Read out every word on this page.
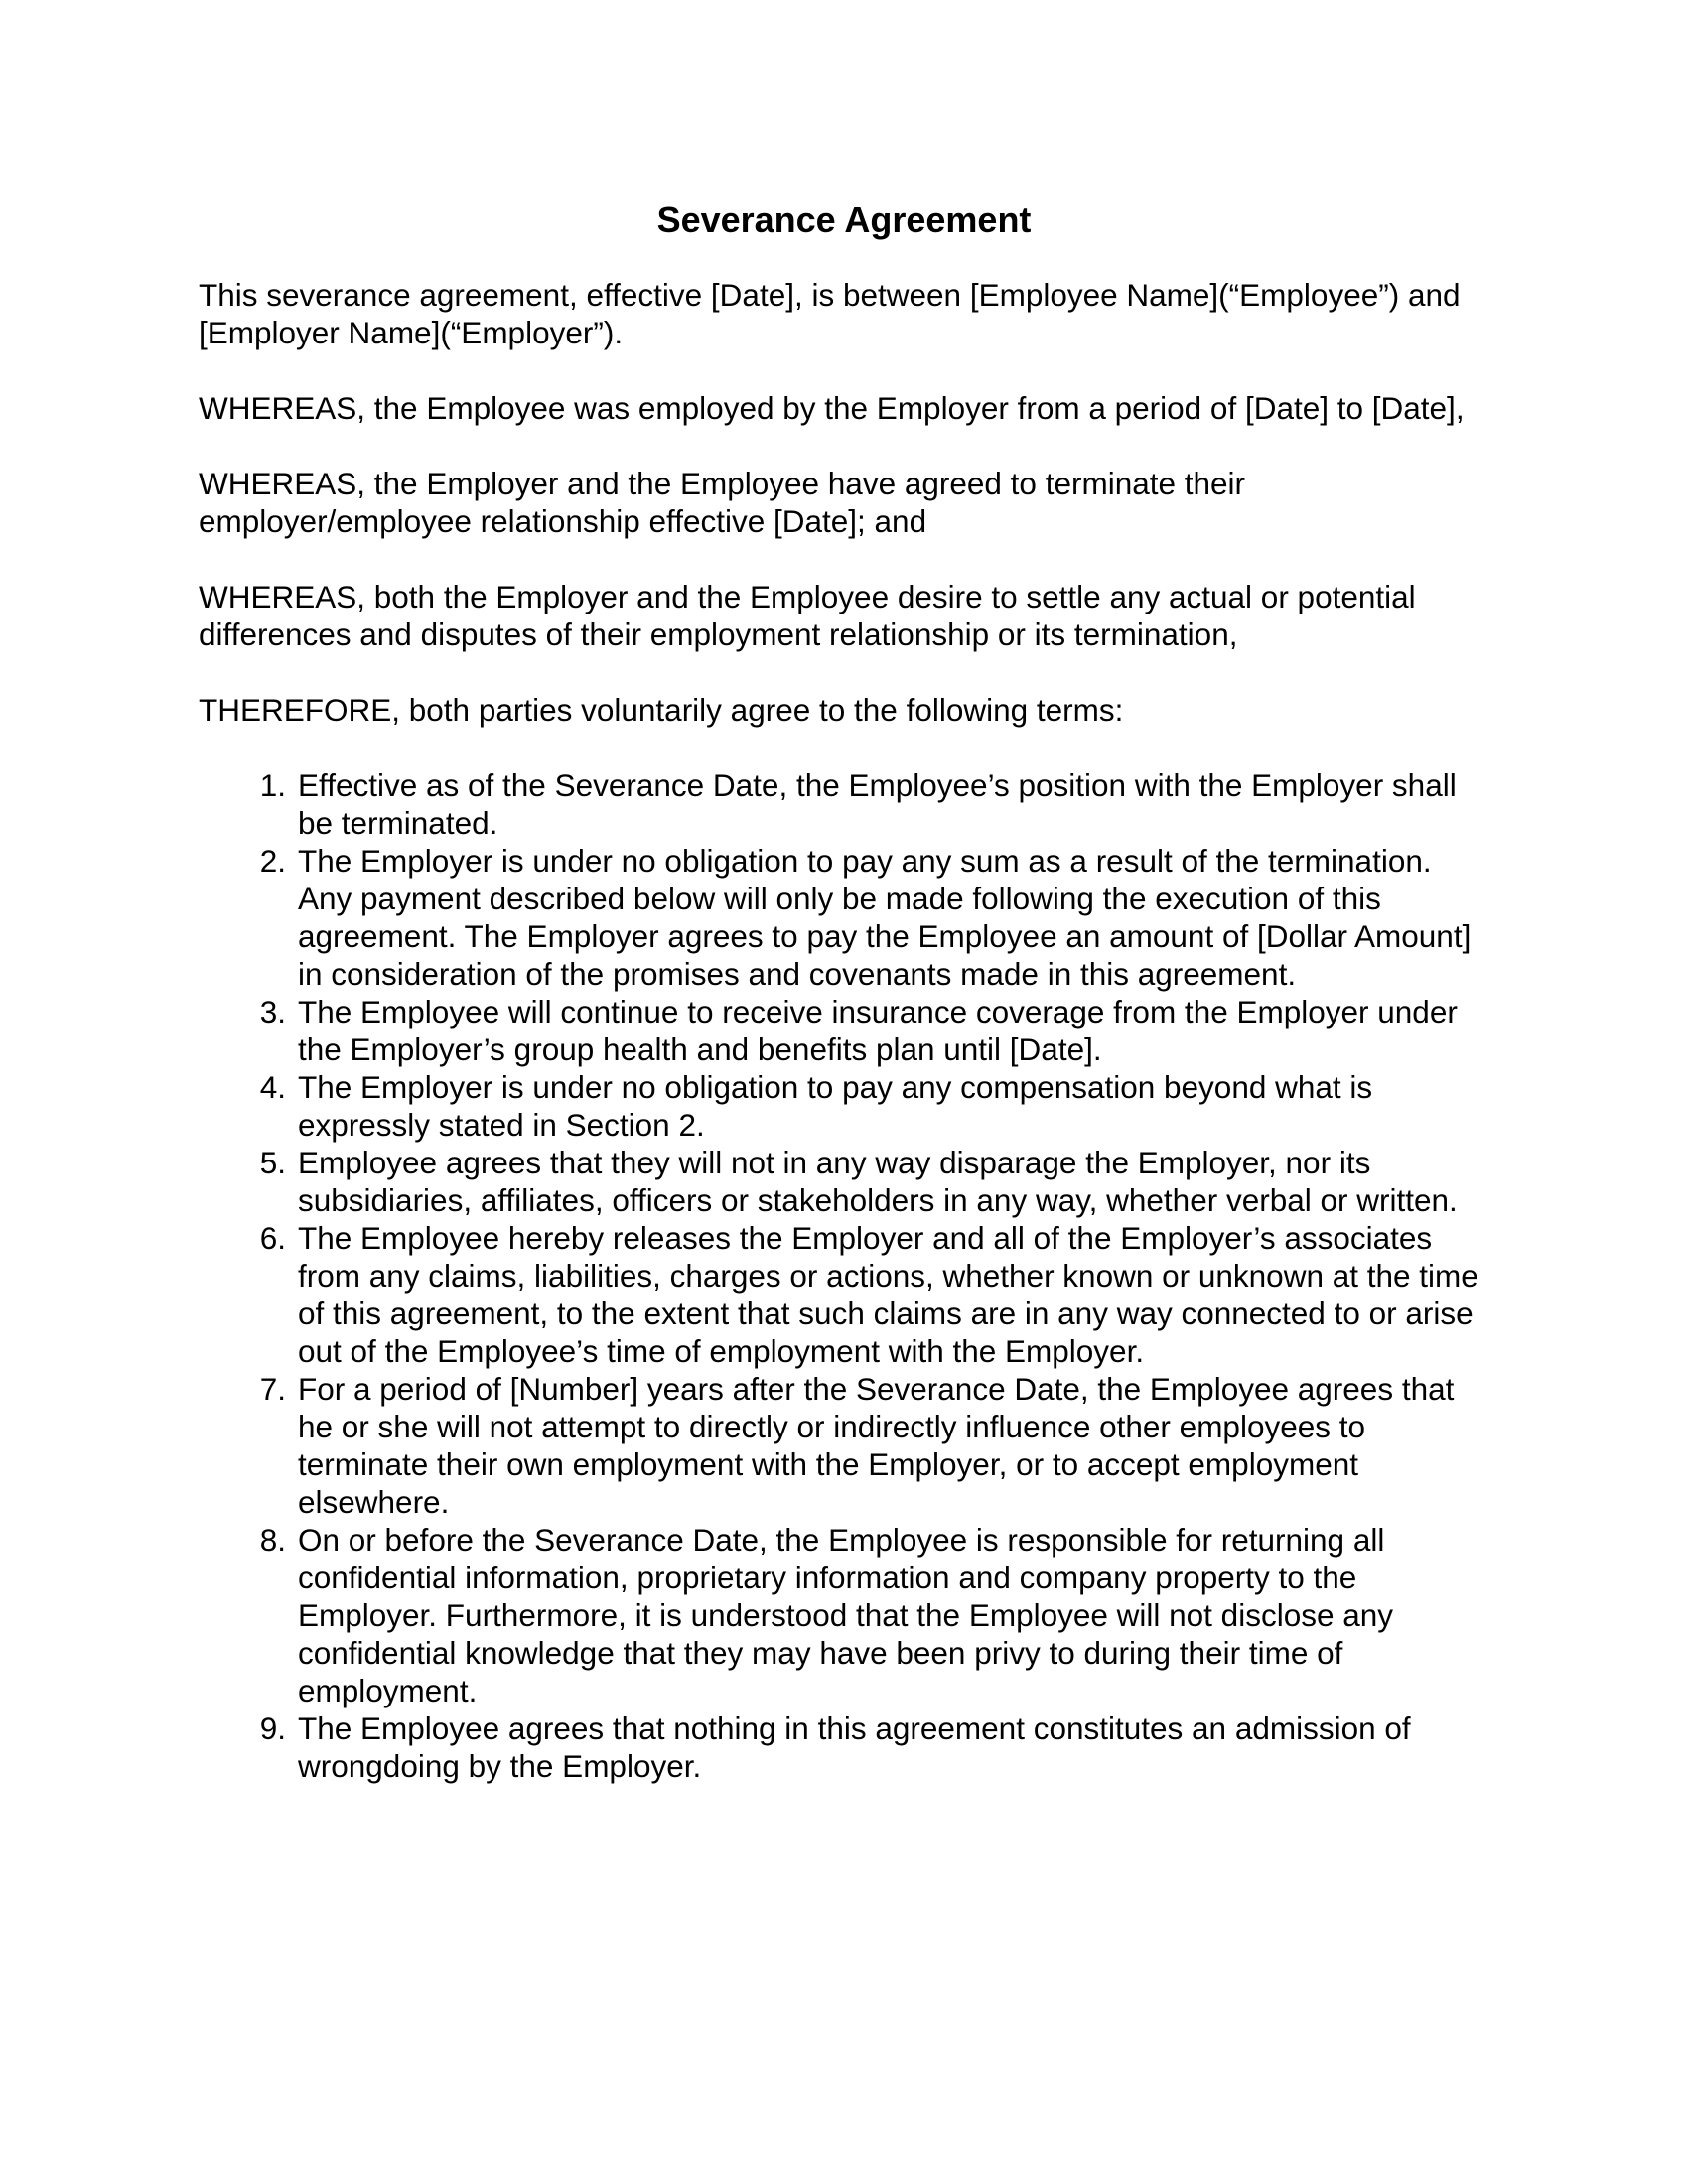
Severance Agreement

This severance agreement, effective [Date], is between [Employee Name](“Employee”) and [Employer Name](“Employer”).

WHEREAS, the Employee was employed by the Employer from a period of [Date] to [Date],

WHEREAS, the Employer and the Employee have agreed to terminate their employer/employee relationship effective [Date]; and

WHEREAS, both the Employer and the Employee desire to settle any actual or potential differences and disputes of their employment relationship or its termination,

THEREFORE, both parties voluntarily agree to the following terms:

1. Effective as of the Severance Date, the Employee’s position with the Employer shall be terminated.
2. The Employer is under no obligation to pay any sum as a result of the termination. Any payment described below will only be made following the execution of this agreement. The Employer agrees to pay the Employee an amount of [Dollar Amount] in consideration of the promises and covenants made in this agreement.
3. The Employee will continue to receive insurance coverage from the Employer under the Employer’s group health and benefits plan until [Date].
4. The Employer is under no obligation to pay any compensation beyond what is expressly stated in Section 2.
5. Employee agrees that they will not in any way disparage the Employer, nor its subsidiaries, affiliates, officers or stakeholders in any way, whether verbal or written.
6. The Employee hereby releases the Employer and all of the Employer’s associates from any claims, liabilities, charges or actions, whether known or unknown at the time of this agreement, to the extent that such claims are in any way connected to or arise out of the Employee’s time of employment with the Employer.
7. For a period of [Number] years after the Severance Date, the Employee agrees that he or she will not attempt to directly or indirectly influence other employees to terminate their own employment with the Employer, or to accept employment elsewhere.
8. On or before the Severance Date, the Employee is responsible for returning all confidential information, proprietary information and company property to the Employer. Furthermore, it is understood that the Employee will not disclose any confidential knowledge that they may have been privy to during their time of employment.
9. The Employee agrees that nothing in this agreement constitutes an admission of wrongdoing by the Employer.
